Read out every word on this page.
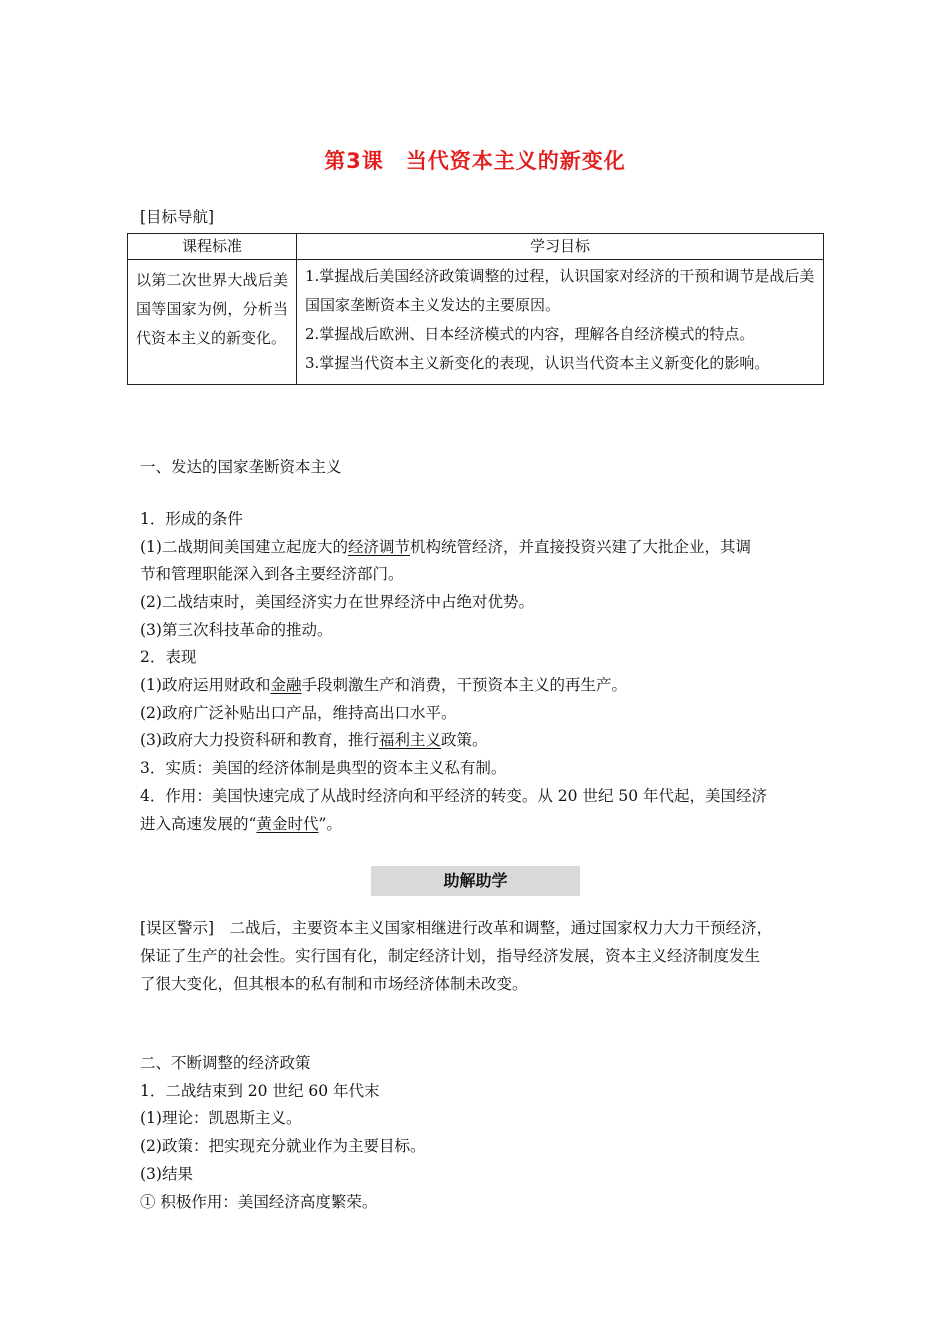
第3课 当代资本主义的新变化
[目标导航]
课程标准	学习目标
以第二次世界大战后美国等国家为例，分析当代资本主义的新变化。	1.掌握战后美国经济政策调整的过程，认识国家对经济的干预和调节是战后美国国家垄断资本主义发达的主要原因。
2.掌握战后欧洲、日本经济模式的内容，理解各自经济模式的特点。
3.掌握当代资本主义新变化的表现，认识当代资本主义新变化的影响。
一、发达的国家垄断资本主义
1．形成的条件
(1)二战期间美国建立起庞大的经济调节机构统管经济，并直接投资兴建了大批企业，其调
节和管理职能深入到各主要经济部门。
(2)二战结束时，美国经济实力在世界经济中占绝对优势。
(3)第三次科技革命的推动。
2．表现
(1)政府运用财政和金融手段刺激生产和消费，干预资本主义的再生产。
(2)政府广泛补贴出口产品，维持高出口水平。
(3)政府大力投资科研和教育，推行福利主义政策。
3．实质：美国的经济体制是典型的资本主义私有制。
4．作用：美国快速完成了从战时经济向和平经济的转变。从 20 世纪 50 年代起，美国经济
进入高速发展的“黄金时代”。
助解助学
[误区警示]　二战后，主要资本主义国家相继进行改革和调整，通过国家权力大力干预经济，
保证了生产的社会性。实行国有化，制定经济计划，指导经济发展，资本主义经济制度发生
了很大变化，但其根本的私有制和市场经济体制未改变。
二、不断调整的经济政策
1．二战结束到 20 世纪 60 年代末
(1)理论：凯恩斯主义。
(2)政策：把实现充分就业作为主要目标。
(3)结果
① 积极作用：美国经济高度繁荣。
